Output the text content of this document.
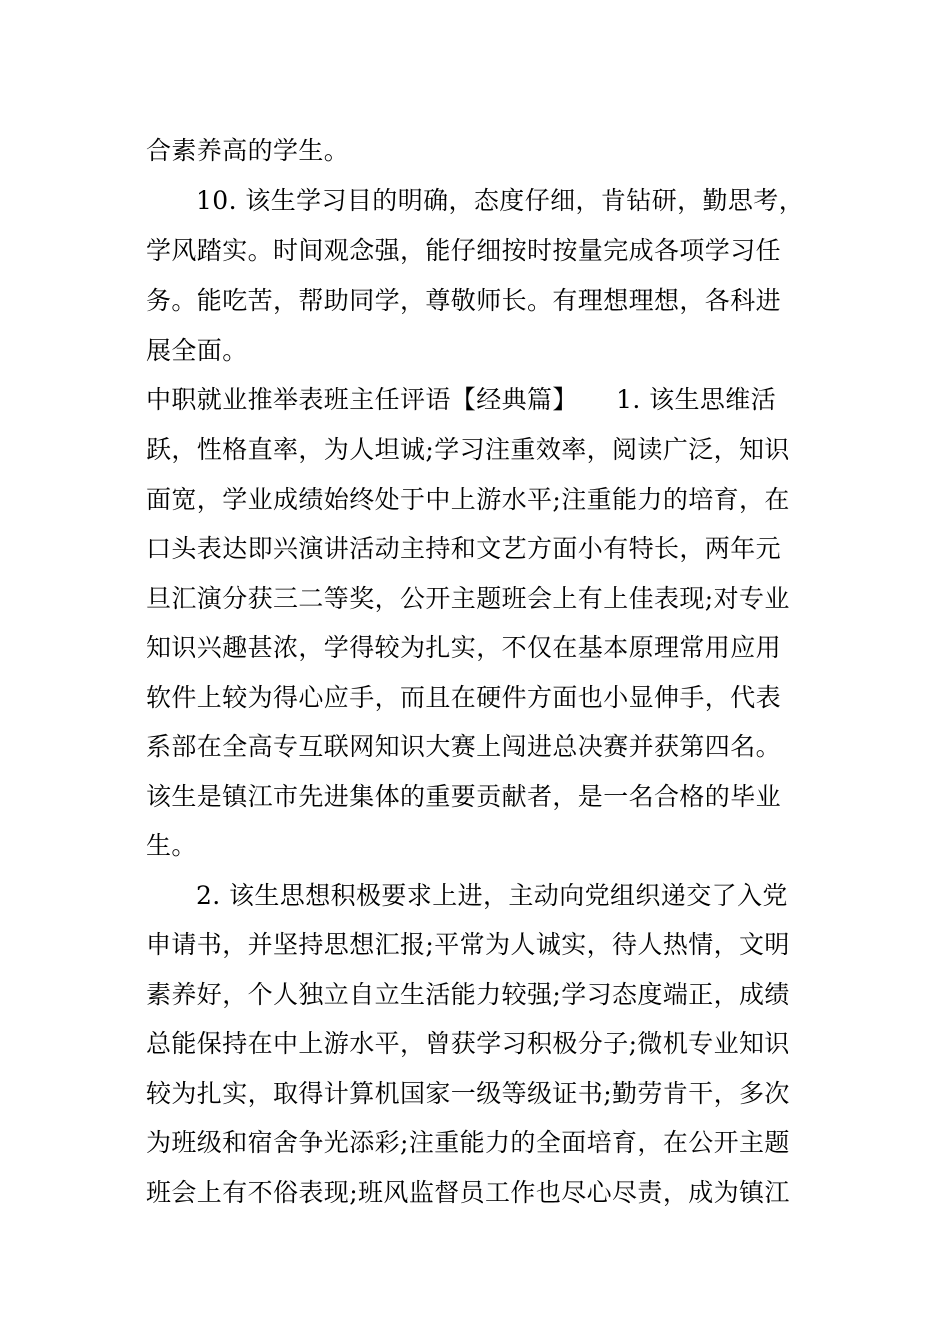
合素养高的学生。
10. 该生学习目的明确，态度仔细，肯钻研，勤思考，
学风踏实。时间观念强，能仔细按时按量完成各项学习任
务。能吃苦，帮助同学，尊敬师长。有理想理想，各科进
展全面。
中职就业推举表班主任评语【经典篇】　　1. 该生思维活
跃，性格直率，为人坦诚;学习注重效率，阅读广泛，知识
面宽，学业成绩始终处于中上游水平;注重能力的培育，在
口头表达即兴演讲活动主持和文艺方面小有特长，两年元
旦汇演分获三二等奖，公开主题班会上有上佳表现;对专业
知识兴趣甚浓，学得较为扎实，不仅在基本原理常用应用
软件上较为得心应手，而且在硬件方面也小显伸手，代表
系部在全高专互联网知识大赛上闯进总决赛并获第四名。
该生是镇江市先进集体的重要贡献者，是一名合格的毕业
生。
2. 该生思想积极要求上进，主动向党组织递交了入党
申请书，并坚持思想汇报;平常为人诚实，待人热情，文明
素养好，个人独立自立生活能力较强;学习态度端正，成绩
总能保持在中上游水平，曾获学习积极分子;微机专业知识
较为扎实，取得计算机国家一级等级证书;勤劳肯干，多次
为班级和宿舍争光添彩;注重能力的全面培育，在公开主题
班会上有不俗表现;班风监督员工作也尽心尽责，成为镇江
